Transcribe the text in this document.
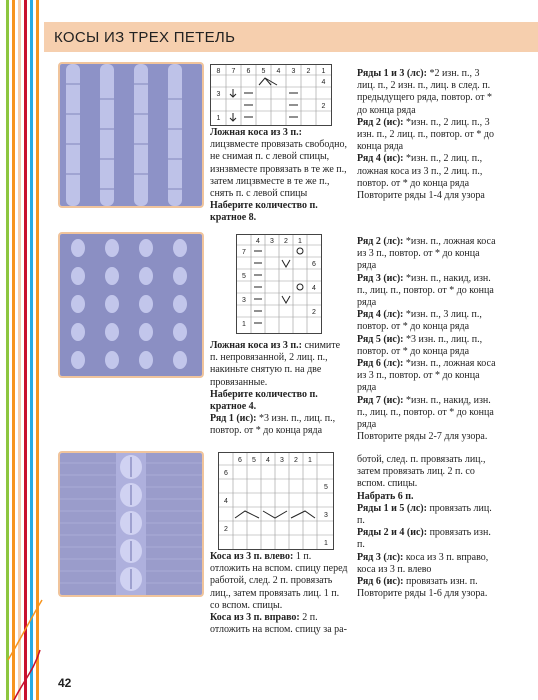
КОСЫ ИЗ ТРЕХ ПЕТЕЛЬ
8 7 6 5 4 3 2 1
4
3
2
1

Ложная коса из 3 п.: лицзвместе провязать свободно, не снимая п. с левой спицы, изнзвместе провязать в те же п., затем лицзвместе в те же п., снять п. с левой спицы

Наберите количество п. кратное 8.

Ряды 1 и 3 (лс): *2 изн. п., 3 лиц. п., 2 изн. п., лиц. в след. п. предыдущего ряда, повтор. от * до конца ряда

Ряд 2 (ис): *изн. п., 2 лиц. п., 3 изн. п., 2 лиц. п., повтор. от * до конца ряда

Ряд 4 (ис): *изн. п., 2 лиц. п., ложная коса из 3 п., 2 лиц. п., повтор. от * до конца ряда

Повторите ряды 1-4 для узора

4 3 2 1
7
6
5
4
3
2
1

Ложная коса из 3 п.: снимите п. непровязанной, 2 лиц. п., накиньте снятую п. на две провязанные.

Наберите количество п. кратное 4.

Ряд 1 (ис): *3 изн. п., лиц. п., повтор. от * до конца ряда

Ряд 2 (лс): *изн. п., ложная коса из 3 п., повтор. от * до конца ряда

Ряд 3 (ис): *изн. п., накид, изн. п., лиц. п., повтор. от * до конца ряда

Ряд 4 (лс): *изн. п., 3 лиц. п., повтор. от * до конца ряда

Ряд 5 (ис): *3 изн. п., лиц. п., повтор. от * до конца ряда

Ряд 6 (лс): *изн. п., ложная коса из 3 п., повтор. от * до конца ряда

Ряд 7 (ис): *изн. п., накид, изн. п., лиц. п., повтор. от * до конца ряда

Повторите ряды 2-7 для узора.

6 5 4 3 2 1
6
5
4
3
2
1

Коса из 3 п. влево: 1 п. отложить на вспом. спицу перед работой, след. 2 п. провязать лиц., затем провязать лиц. 1 п. со вспом. спицы.

Коса из 3 п. вправо: 2 п. отложить на вспом. спицу за ра-

ботой, след. п. провязать лиц., затем провязать лиц. 2 п. со вспом. спицы.

Набрать 6 п.

Ряды 1 и 5 (лс): провязать лиц. п.

Ряды 2 и 4 (ис): провязать изн. п.

Ряд 3 (лс): коса из 3 п. вправо, коса из 3 п. влево

Ряд 6 (ис): провязать изн. п.

Повторите ряды 1-6 для узора.

42
